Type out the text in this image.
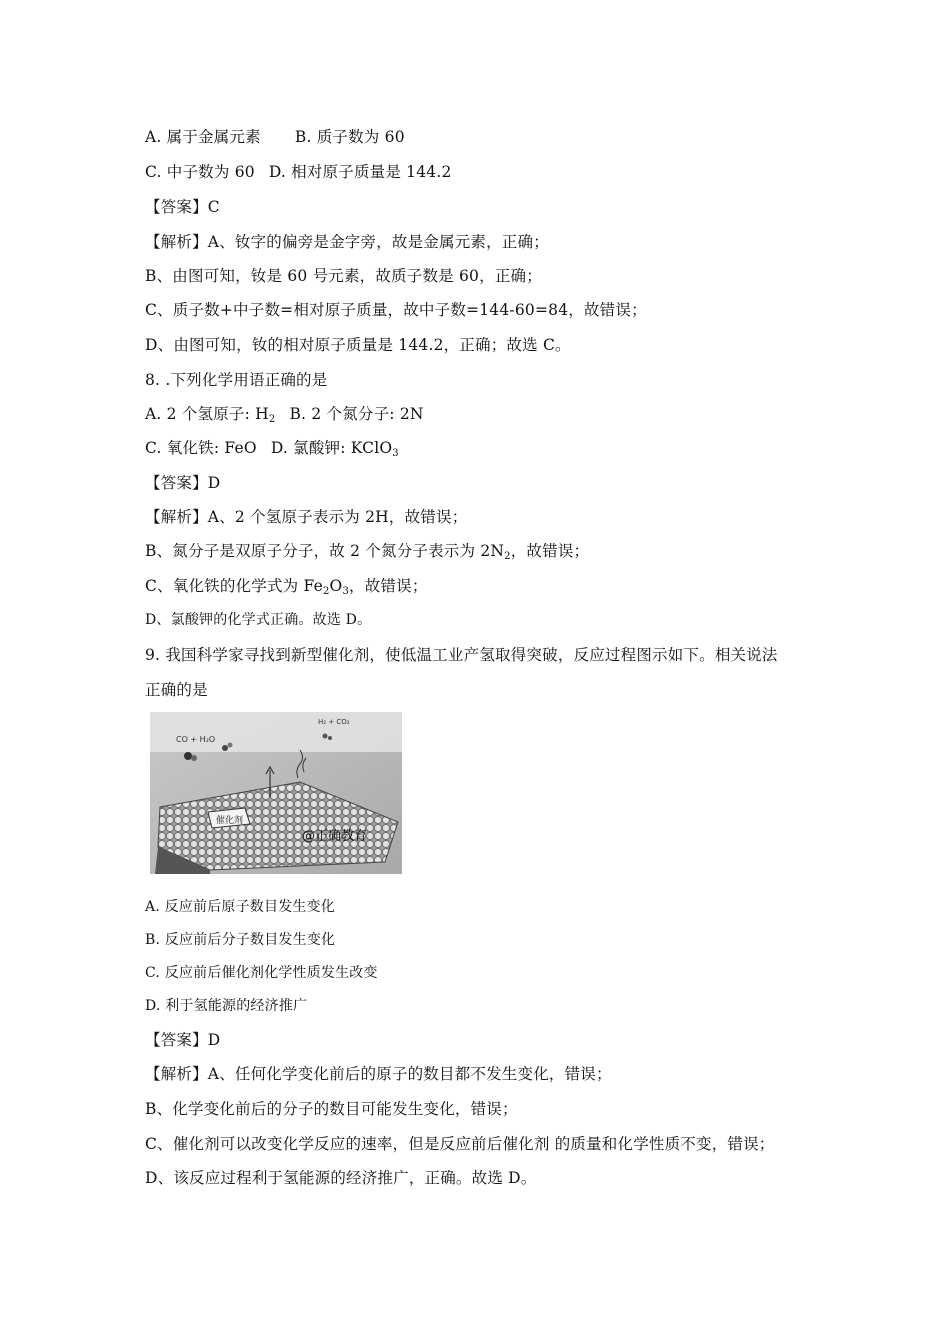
A. 属于金属元素 B. 质子数为 60
C. 中子数为 60 D. 相对原子质量是 144.2
【答案】C
【解析】A、钕字的偏旁是金字旁，故是金属元素，正确；
B、由图可知，钕是 60 号元素，故质子数是 60，正确；
C、质子数+中子数=相对原子质量，故中子数=144-60=84，故错误；
D、由图可知，钕的相对原子质量是 144.2，正确；故选 C。
8. .下列化学用语正确的是
A. 2 个氢原子: $H_2$ B. 2 个氮分子: 2N
C. 氧化铁: FeO D. 氯酸钾: KClO$_3$
【答案】D
【解析】A、2 个氢原子表示为 2H，故错误；
B、氮分子是双原子分子，故 2 个氮分子表示为 $2N_2$，故错误；
C、氧化铁的化学式为 $Fe_2O_3$，故错误；
D、氯酸钾的化学式正确。故选 D。
9. 我国科学家寻找到新型催化剂，使低温工业产氢取得突破，反应过程图示如下。相关说法
正确的是
催化剂
CO + H₂O
H₂ + CO₂
@正确教育
A. 反应前后原子数目发生变化
B. 反应前后分子数目发生变化
C. 反应前后催化剂化学性质发生改变
D. 利于氢能源的经济推广
【答案】D
【解析】A、任何化学变化前后的原子的数目都不发生变化，错误；
B、化学变化前后的分子的数目可能发生变化，错误；
C、催化剂可以改变化学反应的速率，但是反应前后催化剂 的质量和化学性质不变，错误；
D、该反应过程利于氢能源的经济推广，正确。故选 D。
